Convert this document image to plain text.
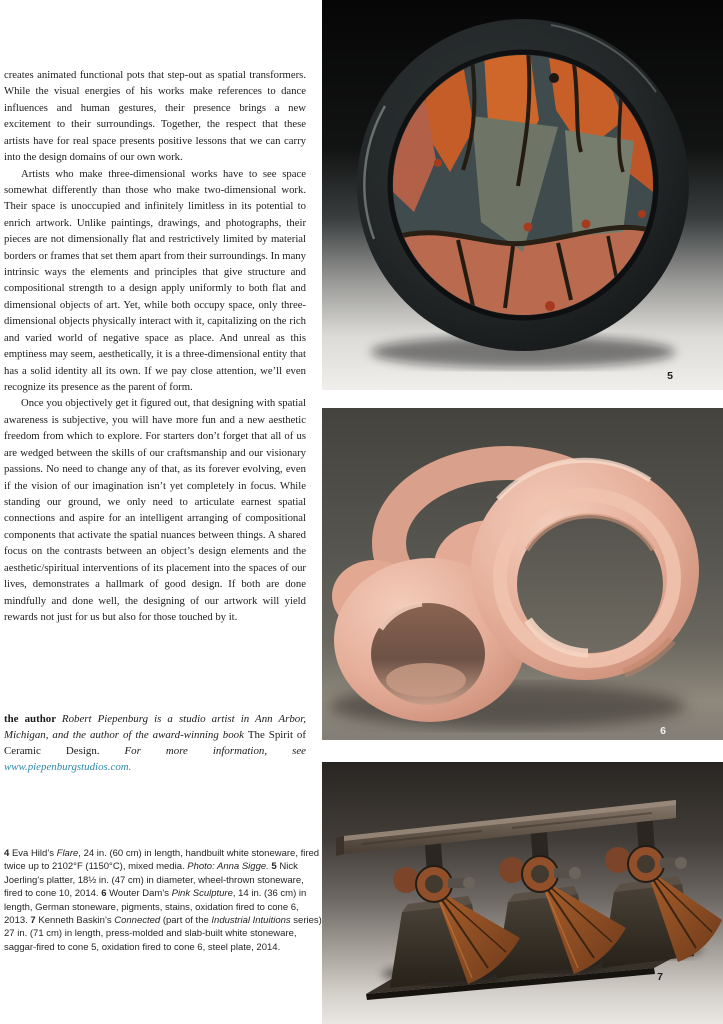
creates animated functional pots that step-out as spatial transformers. While the visual energies of his works make references to dance influences and human gestures, their presence brings a new excitement to their surroundings. Together, the respect that these artists have for real space presents positive lessons that we can carry into the design domains of our own work.
Artists who make three-dimensional works have to see space somewhat differently than those who make two-dimensional work. Their space is unoccupied and infinitely limitless in its potential to enrich artwork. Unlike paintings, drawings, and photographs, their pieces are not dimensionally flat and restrictively limited by material borders or frames that set them apart from their surroundings. In many intrinsic ways the elements and principles that give structure and compositional strength to a design apply uniformly to both flat and dimensional objects of art. Yet, while both occupy space, only three-dimensional objects physically interact with it, capitalizing on the rich and varied world of negative space as place. And unreal as this emptiness may seem, aesthetically, it is a three-dimensional entity that has a solid identity all its own. If we pay close attention, we’ll even recognize its presence as the parent of form.
Once you objectively get it figured out, that designing with spatial awareness is subjective, you will have more fun and a new aesthetic freedom from which to explore. For starters don’t forget that all of us are wedged between the skills of our craftsmanship and our visionary passions. No need to change any of that, as its forever evolving, even if the vision of our imagination isn’t yet completely in focus. While standing our ground, we only need to articulate earnest spatial connections and aspire for an intelligent arranging of compositional components that activate the spatial nuances between things. A shared focus on the contrasts between an object’s design elements and the aesthetic/spiritual interventions of its placement into the spaces of our lives, demonstrates a hallmark of good design. If both are done mindfully and done well, the designing of our artwork will yield rewards not just for us but also for those touched by it.
the author Robert Piepenburg is a studio artist in Ann Arbor, Michigan, and the author of the award-winning book The Spirit of Ceramic Design. For more information, see www.piepenburgstudios.com.
4 Eva Hild’s Flare, 24 in. (60 cm) in length, handbuilt white stoneware, fired twice up to 2102°F (1150°C), mixed media. Photo: Anna Sigge. 5 Nick Joerling’s platter, 18½ in. (47 cm) in diameter, wheel-thrown stoneware, fired to cone 10, 2014. 6 Wouter Dam’s Pink Sculpture, 14 in. (36 cm) in length, German stoneware, pigments, stains, oxidation fired to cone 6, 2013. 7 Kenneth Baskin’s Connected (part of the Industrial Intuitions series) 27 in. (71 cm) in length, press-molded and slab-built white stoneware, saggar-fired to cone 5, oxidation fired to cone 6, steel plate, 2014.
5
6
7
